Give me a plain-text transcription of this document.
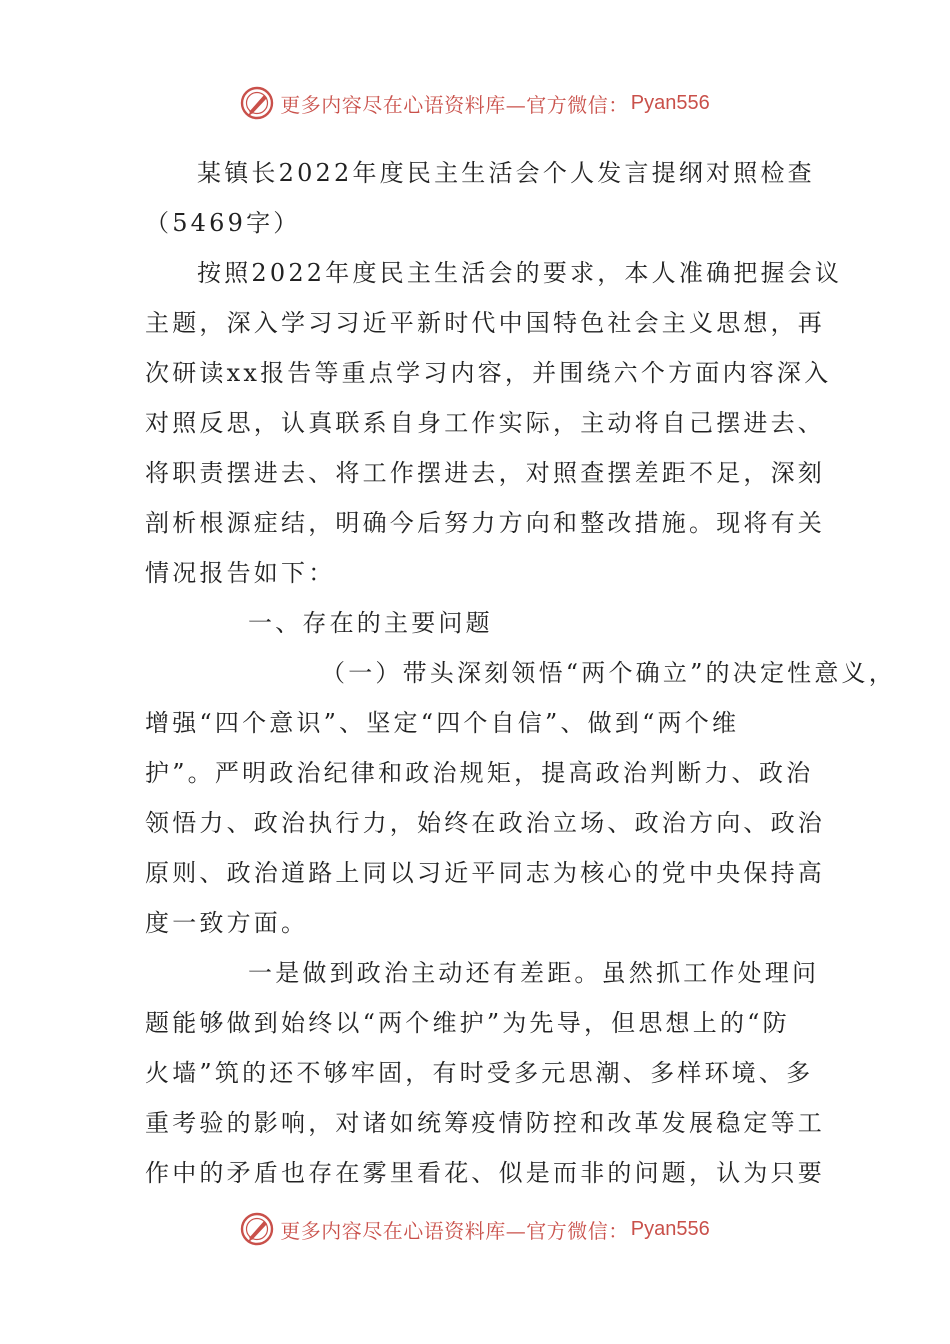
更多内容尽在心语资料库—官方微信： Pyan556
某镇长2022年度民主生活会个人发言提纲对照检查
（5469字）
按照2022年度民主生活会的要求，本人准确把握会议
主题，深入学习习近平新时代中国特色社会主义思想，再
次研读xx报告等重点学习内容，并围绕六个方面内容深入
对照反思，认真联系自身工作实际，主动将自己摆进去、
将职责摆进去、将工作摆进去，对照查摆差距不足，深刻
剖析根源症结，明确今后努力方向和整改措施。现将有关
情况报告如下：
一、存在的主要问题
（一）带头深刻领悟“两个确立”的决定性意义，
增强“四个意识”、坚定“四个自信”、做到“两个维
护”。严明政治纪律和政治规矩，提高政治判断力、政治
领悟力、政治执行力，始终在政治立场、政治方向、政治
原则、政治道路上同以习近平同志为核心的党中央保持高
度一致方面。
一是做到政治主动还有差距。虽然抓工作处理问
题能够做到始终以“两个维护”为先导，但思想上的“防
火墙”筑的还不够牢固，有时受多元思潮、多样环境、多
重考验的影响，对诸如统筹疫情防控和改革发展稳定等工
作中的矛盾也存在雾里看花、似是而非的问题，认为只要
更多内容尽在心语资料库—官方微信： Pyan556
